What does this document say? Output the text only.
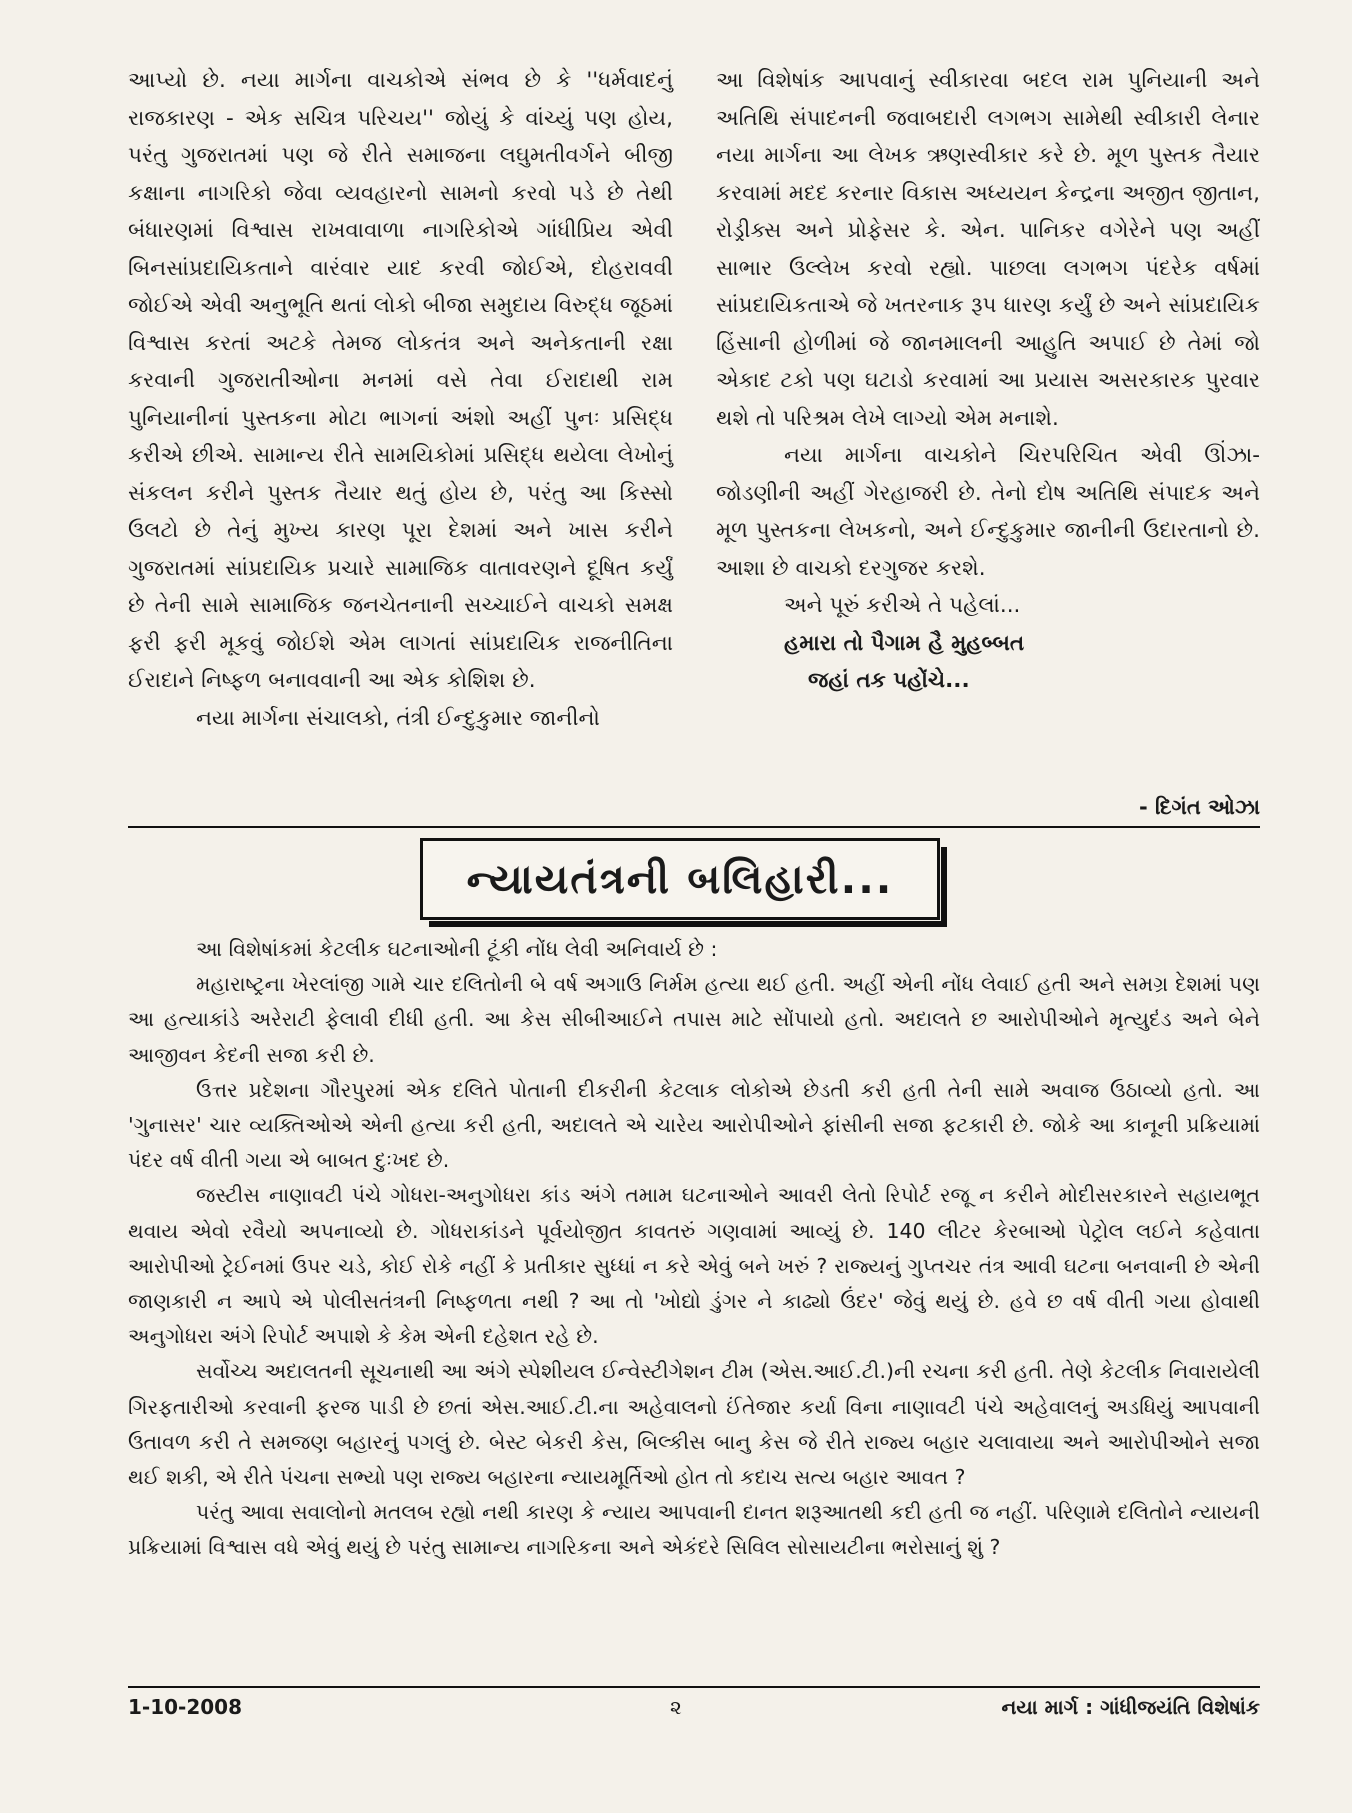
આપ્યો છે. નયા માર્ગના વાચકોએ સંભવ છે કે ''ધર્મવાદનું રાજકારણ - એક સચિત્ર પરિચય'' જોયું કે વાંચ્યું પણ હોય, પરંતુ ગુજરાતમાં પણ જે રીતે સમાજના લઘુમતીવર્ગને બીજી કક્ષાના નાગરિકો જેવા વ્યવહારનો સામનો કરવો પડે છે તેથી બંધારણમાં વિશ્વાસ રાખવાવાળા નાગરિકોએ ગાંધીપ્રિય એવી બિનસાંપ્રદાયિકતાને વારંવાર યાદ કરવી જોઈએ, દોહરાવવી જોઈએ એવી અનુભૂતિ થતાં લોકો બીજા સમુદાય વિરુદ્ધ જૂઠમાં વિશ્વાસ કરતાં અટકે તેમજ લોકતંત્ર અને અનેકતાની રક્ષા કરવાની ગુજરાતીઓના મનમાં વસે તેવા ઈરાદાથી રામ પુનિયાનીનાં પુસ્તકના મોટા ભાગનાં અંશો અહીં પુનઃ પ્રસિદ્ધ કરીએ છીએ. સામાન્ય રીતે સામયિકોમાં પ્રસિદ્ધ થયેલા લેખોનું સંકલન કરીને પુસ્તક તૈયાર થતું હોય છે, પરંતુ આ કિસ્સો ઉલટો છે તેનું મુખ્ય કારણ પૂરા દેશમાં અને ખાસ કરીને ગુજરાતમાં સાંપ્રદાયિક પ્રચારે સામાજિક વાતાવરણને દૂષિત કર્યું છે તેની સામે સામાજિક જનચેતનાની સચ્ચાઈને વાચકો સમક્ષ ફરી ફરી મૂકવું જોઈશે એમ લાગતાં સાંપ્રદાયિક રાજનીતિના ઈરાદાને નિષ્ફળ બનાવવાની આ એક કોશિશ છે.

નયા માર્ગના સંચાલકો, તંત્રી ઈન્દુકુમાર જાનીનો

આ વિશેષાંક આપવાનું સ્વીકારવા બદલ રામ પુનિયાની અને અતિથિ સંપાદનની જવાબદારી લગભગ સામેથી સ્વીકારી લેનાર નયા માર્ગના આ લેખક ઋણસ્વીકાર કરે છે. મૂળ પુસ્તક તૈયાર કરવામાં મદદ કરનાર વિકાસ અધ્યયન કેન્દ્રના અજીત જીતાન, રોડ્રીક્સ અને પ્રોફેસર કે. એન. પાનિકર વગેરેને પણ અહીં સાભાર ઉલ્લેખ કરવો રહ્યો. પાછલા લગભગ પંદરેક વર્ષમાં સાંપ્રદાયિકતાએ જે ખતરનાક રૂપ ધારણ કર્યું છે અને સાંપ્રદાયિક હિંસાની હોળીમાં જે જાનમાલની આહુતિ અપાઈ છે તેમાં જો એકાદ ટકો પણ ઘટાડો કરવામાં આ પ્રયાસ અસરકારક પુરવાર થશે તો પરિશ્રમ લેખે લાગ્યો એમ મનાશે.

નયા માર્ગના વાચકોને ચિરપરિચિત એવી ઊંઝા-જોડણીની અહીં ગેરહાજરી છે. તેનો દોષ અતિથિ સંપાદક અને મૂળ પુસ્તકના લેખકનો, અને ઈન્દુકુમાર જાનીની ઉદારતાનો છે. આશા છે વાચકો દરગુજર કરશે.

અને પૂરું કરીએ તે પહેલાં...

હમારા તો પૈગામ હૈ મુહબ્બત

જહાં તક પહોંચે...

- દિગંત ઓઝા
ન્યાયતંત્રની બલિહારી...

આ વિશેષાંકમાં કેટલીક ઘટનાઓની ટૂંકી નોંધ લેવી અનિવાર્ય છે :

મહારાષ્ટ્રના ખેરલાંજી ગામે ચાર દલિતોની બે વર્ષ અગાઉ નિર્મમ હત્યા થઈ હતી. અહીં એની નોંધ લેવાઈ હતી અને સમગ્ર દેશમાં પણ આ હત્યાકાંડે અરેરાટી ફેલાવી દીધી હતી. આ કેસ સીબીઆઈને તપાસ માટે સોંપાયો હતો. અદાલતે છ આરોપીઓને મૃત્યુદંડ અને બેને આજીવન કેદની સજા કરી છે.

ઉત્તર પ્રદેશના ગૌરપુરમાં એક દલિતે પોતાની દીકરીની કેટલાક લોકોએ છેડતી કરી હતી તેની સામે અવાજ ઉઠાવ્યો હતો. આ 'ગુનાસર' ચાર વ્યક્તિઓએ એની હત્યા કરી હતી, અદાલતે એ ચારેય આરોપીઓને ફાંસીની સજા ફટકારી છે. જોકે આ કાનૂની પ્રક્રિયામાં પંદર વર્ષ વીતી ગયા એ બાબત દુઃખદ છે.

જસ્ટીસ નાણાવટી પંચે ગોધરા-અનુગોધરા કાંડ અંગે તમામ ઘટનાઓને આવરી લેતો રિપોર્ટ રજૂ ન કરીને મોદીસરકારને સહાયભૂત થવાય એવો રવૈયો અપનાવ્યો છે. ગોધરાકાંડને પૂર્વયોજીત કાવતરું ગણવામાં આવ્યું છે. 140 લીટર કેરબાઓ પેટ્રોલ લઈને કહેવાતા આરોપીઓ ટ્રેઈનમાં ઉપર ચડે, કોઈ રોકે નહીં કે પ્રતીકાર સુધ્ધાં ન કરે એવું બને ખરું ? રાજ્યનું ગુપ્તચર તંત્ર આવી ઘટના બનવાની છે એની જાણકારી ન આપે એ પોલીસતંત્રની નિષ્ફળતા નથી ? આ તો 'ખોદ્યો ડુંગર ને કાઢ્યો ઉંદર' જેવું થયું છે. હવે છ વર્ષ વીતી ગયા હોવાથી અનુગોધરા અંગે રિપોર્ટ અપાશે કે કેમ એની દહેશત રહે છે.

સર્વોચ્ચ અદાલતની સૂચનાથી આ અંગે સ્પેશીયલ ઈન્વેસ્ટીગેશન ટીમ (એસ.આઈ.ટી.)ની રચના કરી હતી. તેણે કેટલીક નિવારાયેલી ગિરફતારીઓ કરવાની ફરજ પાડી છે છતાં એસ.આઈ.ટી.ના અહેવાલનો ઈંતેજાર કર્યા વિના નાણાવટી પંચે અહેવાલનું અડધિયું આપવાની ઉતાવળ કરી તે સમજણ બહારનું પગલું છે. બેસ્ટ બેકરી કેસ, બિલ્કીસ બાનુ કેસ જે રીતે રાજ્ય બહાર ચલાવાયા અને આરોપીઓને સજા થઈ શકી, એ રીતે પંચના સભ્યો પણ રાજ્ય બહારના ન્યાયમૂર્તિઓ હોત તો કદાચ સત્ય બહાર આવત ?

પરંતુ આવા સવાલોનો મતલબ રહ્યો નથી કારણ કે ન્યાય આપવાની દાનત શરૂઆતથી કદી હતી જ નહીં. પરિણામે દલિતોને ન્યાયની પ્રક્રિયામાં વિશ્વાસ વધે એવું થયું છે પરંતુ સામાન્ય નાગરિકના અને એકંદરે સિવિલ સોસાયટીના ભરોસાનું શું ?

1-10-2008	૨	નયા માર્ગ : ગાંધીજયંતિ વિશેષાંક
